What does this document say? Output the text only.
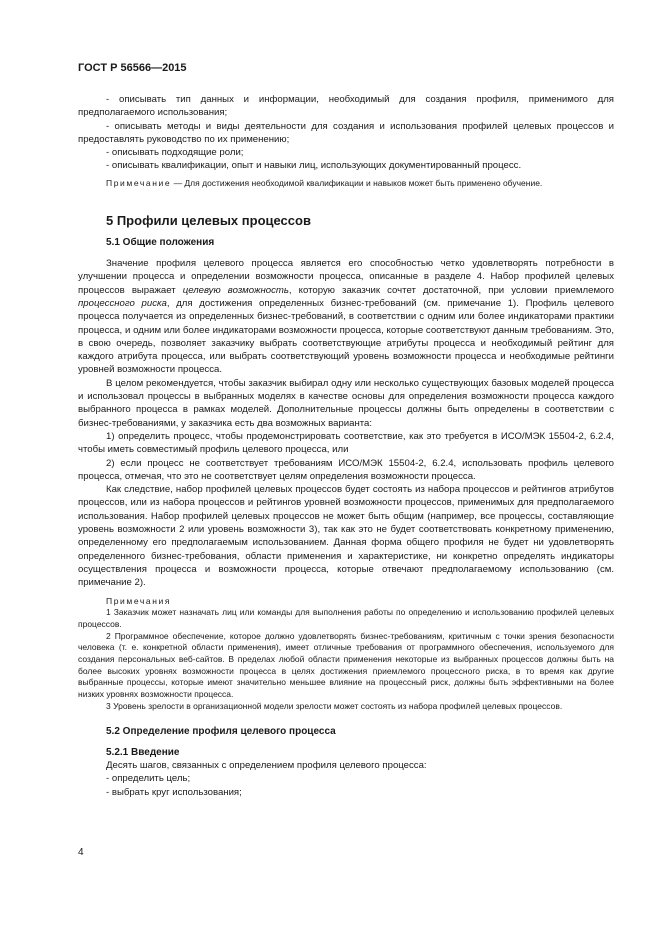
ГОСТ Р 56566—2015

- описывать тип данных и информации, необходимый для создания профиля, применимого для предполагаемого использования;

- описывать методы и виды деятельности для создания и использования профилей целевых процессов и предоставлять руководство по их применению;

- описывать подходящие роли;

- описывать квалификации, опыт и навыки лиц, использующих документированный процесс.

Примечание — Для достижения необходимой квалификации и навыков может быть применено обучение.

5 Профили целевых процессов
5.1 Общие положения

Значение профиля целевого процесса является его способностью четко удовлетворять потребности в улучшении процесса и определении возможности процесса, описанные в разделе 4. Набор профилей целевых процессов выражает целевую возможность, которую заказчик сочтет достаточной, при условии приемлемого процессного риска, для достижения определенных бизнес-требований (см. примечание 1). Профиль целевого процесса получается из определенных бизнес-требований, в соответствии с одним или более индикаторами практики процесса, и одним или более индикаторами возможности процесса, которые соответствуют данным требованиям. Это, в свою очередь, позволяет заказчику выбрать соответствующие атрибуты процесса и необходимый рейтинг для каждого атрибута процесса, или выбрать соответствующий уровень возможности процесса и необходимые рейтинги уровней возможности процесса.

В целом рекомендуется, чтобы заказчик выбирал одну или несколько существующих базовых моделей процесса и использовал процессы в выбранных моделях в качестве основы для определения возможности процесса каждого выбранного процесса в рамках моделей. Дополнительные процессы должны быть определены в соответствии с бизнес-требованиями, у заказчика есть два возможных варианта:

1) определить процесс, чтобы продемонстрировать соответствие, как это требуется в ИСО/МЭК 15504-2, 6.2.4, чтобы иметь совместимый профиль целевого процесса, или

2) если процесс не соответствует требованиям ИСО/МЭК 15504-2, 6.2.4, использовать профиль целевого процесса, отмечая, что это не соответствует целям определения возможности процесса.

Как следствие, набор профилей целевых процессов будет состоять из набора процессов и рейтингов атрибутов процессов, или из набора процессов и рейтингов уровней возможности процессов, применимых для предполагаемого использования. Набор профилей целевых процессов не может быть общим (например, все процессы, составляющие уровень возможности 2 или уровень возможности 3), так как это не будет соответствовать конкретному применению, определенному его предполагаемым использованием. Данная форма общего профиля не будет ни удовлетворять определенного бизнес-требования, области применения и характеристике, ни конкретно определять индикаторы осуществления процесса и возможности процесса, которые отвечают предполагаемому использованию (см. примечание 2).

Примечания

1 Заказчик может назначать лиц или команды для выполнения работы по определению и использованию профилей целевых процессов.

2 Программное обеспечение, которое должно удовлетворять бизнес-требованиям, критичным с точки зрения безопасности человека (т. е. конкретной области применения), имеет отличные требования от программного обеспечения, используемого для создания персональных веб-сайтов. В пределах любой области применения некоторые из выбранных процессов должны быть на более высоких уровнях возможности процесса в целях достижения приемлемого процессного риска, в то время как другие выбранные процессы, которые имеют значительно меньшее влияние на процессный риск, должны быть эффективными на более низких уровнях возможности процесса.

3 Уровень зрелости в организационной модели зрелости может состоять из набора профилей целевых процессов.

5.2 Определение профиля целевого процесса
5.2.1 Введение

Десять шагов, связанных с определением профиля целевого процесса:

- определить цель;

- выбрать круг использования;

4
